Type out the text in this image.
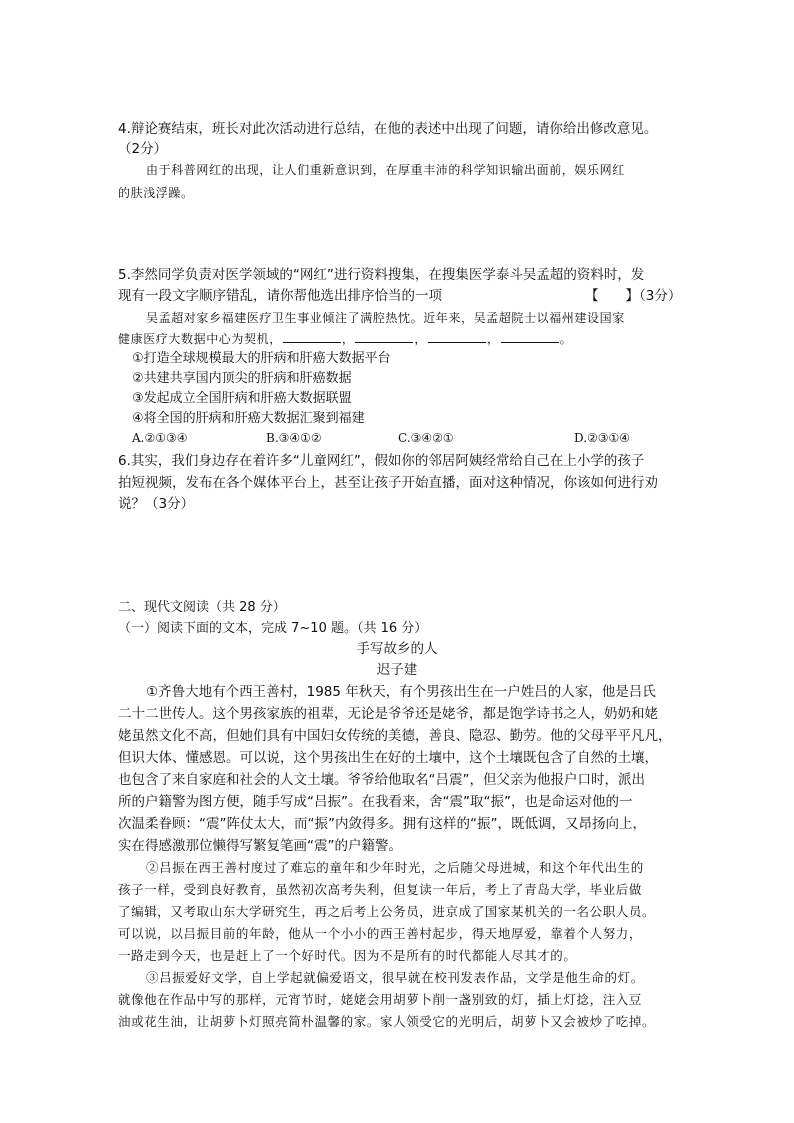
4.辩论赛结束，班长对此次活动进行总结，在他的表述中出现了问题，请你给出修改意见。
（2分）
由于科普网红的出现，让人们重新意识到，在厚重丰沛的科学知识输出面前，娱乐网红
的肤浅浮躁。
5.李然同学负责对医学领域的“网红”进行资料搜集，在搜集医学泰斗吴孟超的资料时，发
现有一段文字顺序错乱，请你帮他选出排序恰当的一项	【　　】（3分）
吴孟超对家乡福建医疗卫生事业倾注了满腔热忱。近年来，吴孟超院士以福州建设国家
健康医疗大数据中心为契机，	，	，	，	。
①打造全球规模最大的肝病和肝癌大数据平台
②共建共享国内顶尖的肝病和肝癌数据
③发起成立全国肝病和肝癌大数据联盟
④将全国的肝病和肝癌大数据汇聚到福建
A.②①③④	B.③④①②	C.③④②①	D.②③①④
6.其实，我们身边存在着许多“儿童网红”，假如你的邻居阿姨经常给自己在上小学的孩子
拍短视频，发布在各个媒体平台上，甚至让孩子开始直播，面对这种情况，你该如何进行劝
说？（3分）
二、现代文阅读（共 28 分）
（一）阅读下面的文本，完成 7~10 题。（共 16 分）
手写故乡的人
迟子建
①齐鲁大地有个西王善村，1985 年秋天，有个男孩出生在一户姓吕的人家，他是吕氏
二十二世传人。这个男孩家族的祖辈，无论是爷爷还是姥爷，都是饱学诗书之人，奶奶和姥
姥虽然文化不高，但她们具有中国妇女传统的美德，善良、隐忍、勤劳。他的父母平平凡凡，
但识大体、懂感恩。可以说，这个男孩出生在好的土壤中，这个土壤既包含了自然的土壤，
也包含了来自家庭和社会的人文土壤。爷爷给他取名“吕震”，但父亲为他报户口时，派出
所的户籍警为图方便，随手写成“吕振”。在我看来，舍“震”取“振”，也是命运对他的一
次温柔眷顾：“震”阵仗太大，而“振”内敛得多。拥有这样的“振”，既低调，又昂扬向上，
实在得感激那位懒得写繁复笔画“震”的户籍警。
②吕振在西王善村度过了难忘的童年和少年时光，之后随父母进城，和这个年代出生的
孩子一样，受到良好教育，虽然初次高考失利，但复读一年后，考上了青岛大学，毕业后做
了编辑，又考取山东大学研究生，再之后考上公务员，进京成了国家某机关的一名公职人员。
可以说，以吕振目前的年龄，他从一个小小的西王善村起步，得天地厚爱，靠着个人努力，
一路走到今天，也是赶上了一个好时代。因为不是所有的时代都能人尽其才的。
③吕振爱好文学，自上学起就偏爱语文，很早就在校刊发表作品，文学是他生命的灯。
就像他在作品中写的那样，元宵节时，姥姥会用胡萝卜削一盏别致的灯，插上灯捻，注入豆
油或花生油，让胡萝卜灯照亮简朴温馨的家。家人领受它的光明后，胡萝卜又会被炒了吃掉。
